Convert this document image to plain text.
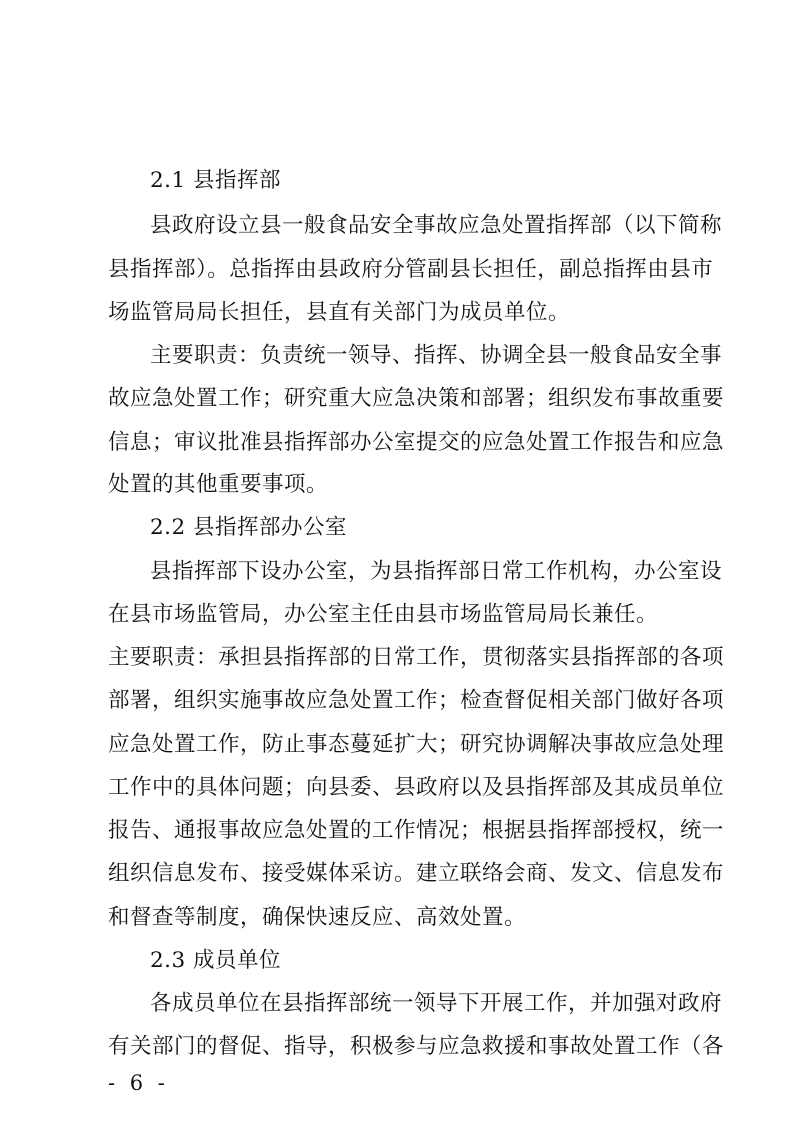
2.1 县指挥部
县政府设立县一般食品安全事故应急处置指挥部（以下简称
县指挥部）。总指挥由县政府分管副县长担任，副总指挥由县市
场监管局局长担任，县直有关部门为成员单位。
主要职责：负责统一领导、指挥、协调全县一般食品安全事
故应急处置工作；研究重大应急决策和部署；组织发布事故重要
信息；审议批准县指挥部办公室提交的应急处置工作报告和应急
处置的其他重要事项。
2.2 县指挥部办公室
县指挥部下设办公室，为县指挥部日常工作机构，办公室设
在县市场监管局，办公室主任由县市场监管局局长兼任。
主要职责：承担县指挥部的日常工作，贯彻落实县指挥部的各项
部署，组织实施事故应急处置工作；检查督促相关部门做好各项
应急处置工作，防止事态蔓延扩大；研究协调解决事故应急处理
工作中的具体问题；向县委、县政府以及县指挥部及其成员单位
报告、通报事故应急处置的工作情况；根据县指挥部授权，统一
组织信息发布、接受媒体采访。建立联络会商、发文、信息发布
和督查等制度，确保快速反应、高效处置。
2.3 成员单位
各成员单位在县指挥部统一领导下开展工作，并加强对政府
有关部门的督促、指导，积极参与应急救援和事故处置工作（各
- 6 -
